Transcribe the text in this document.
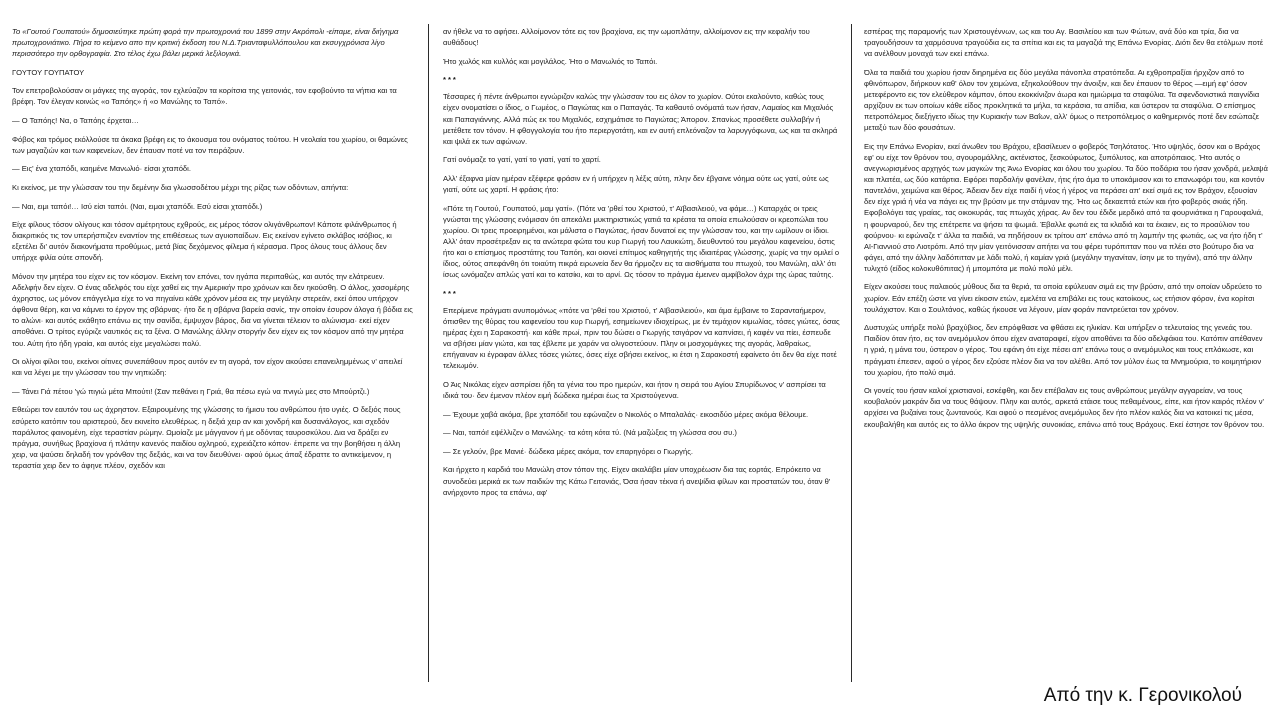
Το «Γουτού Γουπατού» δημοσιεύτηκε πρώτη φορά την πρωτοχρονιά του 1899 στην Ακρόπολι -είπαμε, είναι διήγημα πρωτοχρονιάτικο. Πήρα το κείμενο απο την κριτική έκδοση του Ν.Δ.Τριανταφυλλόπουλου και εκσυγχρόνισα λίγο περισσότερο την ορθογραφία. Στο τέλος έχω βάλει μερικά λεξιλογικά.

ΓΟΥΤΟΥ ΓΟΥΠΑΤΟΥ

Τον επετροβολούσαν οι μάγκες της αγοράς, τον εχλεύαζον τα κορίτσια της γειτονιάς, τον εφοβούντο τα νήπια και τα βρέφη. Τον έλεγαν κοινώς «ο Ταπόης» ή «ο Μανώλης το Ταπό».

— Ο Ταπόης! Να, ο Ταπόης έρχεται…

Φόβος και τρόμος εκόλλούσε τα άκακα βρέφη εις το άκουσμα του ονόματος τούτου. Η νεολαία του χωρίου, οι θαμώνες των μαγαζιών και των καφενείων, δεν έπαυαν ποτέ να τον πειράζουν.

— Εις' ένα χταπόδι, καημένε Μανωλιό· είσαι χταπόδι.

Κι εκείνος, με την γλώσσαν του την δεμένην δια γλωσσοδέτου μέχρι της ρίζας των οδόντων, απήντα:

— Ναι, ειμι ταπόι!… Ισύ είσι ταπόι. (Ναι, ειμαι χταπόδι. Εσύ είσαι χταπόδι.)

Είχε φίλους τόσον ολίγους και τόσον αμέτρητους εχθρούς, εις μέρος τόσον ολιγάνθρωπον! Κάποτε φιλάνθρωπος ή διακριτικός τις τον υπερήσπιζεν εναντίον της επιθέσεως των αγυιοπαίδων. Εις εκείνον εγίνετο σκλάβος ισόβιος, κι εξετέλει δι' αυτόν διακονήματα προθύμως, μετά βίας δεχόμενος φίλεμα ή κέρασμα. Προς όλους τους άλλους δεν υπήρχε φιλία ούτε σπονδή.

Μόνον την μητέρα του είχεν εις τον κόσμον. Εκείνη τον επόνει, τον ηγάπα περιπαθώς, και αυτός την ελάτρευεν. Αδελφήν δεν είχεν. Ο ένας αδελφός του είχε χαθεί εις την Αμερικήν προ χρόνων και δεν ηκούσθη. Ο άλλος, χασομέρης άχρηστος, ως μόνον επάγγελμα είχε το να πηγαίνει κάθε χρόνον μέσα εις την μεγάλην στερεάν, εκεί όπου υπήρχον άφθονα θέρη, και να κάμνει το έργον της σβάρνας· ήτο δε η σβάρνα βαρεία σανίς, την οποίαν έσυρον άλογα ή βόδια εις το αλώνι· και αυτός εκάθητο επάνω εις την σανίδα, έμψυχον βάρος, δια να γίνεται τέλειον το αλώνισμα· εκεί είχεν αποθάνει. Ο τρίτος εγύριζε ναυτικός εις τα ξένα. Ο Μανώλης άλλην στοργήν δεν είχεν εις τον κόσμον από την μητέρα του. Αύτη ήτο ήδη γραία, και αυτός είχε μεγαλώσει πολύ.

Οι ολίγοι φίλοι του, εκείνοι οίτινες συνεπάθουν προς αυτόν εν τη αγορά, τον είχον ακούσει επανειλημμένως ν' απειλεί και να λέγει με την γλώσσαν του την νηπιώδη:

— Τάνει Γιά πέτου 'γώ πιγιώ μέτα Μπούτι! (Σαν πεθάνει η Γριά, θα πέσω εγώ να πνιγώ μες στο Μπούρτζι.)

Εθεώρει τον εαυτόν του ως άχρηστον. Εξαιρουμένης της γλώσσης το ήμισυ του ανθρώπου ήτο υγιές. Ο δεξιός πους εσύρετο κατόπιν του αριστερού, δεν εκινείτο ελευθέρως. η δεξιά χειρ αν και χονδρή και δυσανάλογος, και σχεδόν παράλυτος φαινομένη, είχε τεραστίαν ρώμην. Ωμοίαζε με μάγγανον ή με οδόντας ταυροσκύλου. Δια να δράξει εν πράγμα, συνήθως βραχίονα ή πλάτην κανενός παιδίου οχληρού, εχρειάζετο κόπον· έπρεπε να την βοηθήσει η άλλη χειρ, να ψαύσει δηλαδή τον γρόνθον της δεξιάς, και να τον διευθύνει· αφού όμως άπαξ έδραττε το αντικείμενον, η τεραστία χειρ δεν το άφηνε πλέον, σχεδόν και

αν ήθελε να το αφήσει. Αλλοίμονον τότε εις τον βραχίονα, εις την ωμοπλάτην, αλλοίμονον εις την κεφαλήν του αυθάδους!

Ήτο χωλός και κυλλός και μογιλάλος. Ήτο ο Μανωλιός το Ταπόι.

***

Τέσσαρες ή πέντε άνθρωποι εγνώριζον καλώς την γλώσσαν του εις όλον το χωρίον. Ούτοι εκαλούντο, καθώς τους είχεν ονοματίσει ο ίδιος, ο Γωμέος, ο Παγιώτας και ο Παπαγάς. Τα καθαυτό ονόματά των ήσαν, Λαμαίος και Μιχαλιός και Παπαγιάννης. Αλλά πώς εκ του Μιχαλιός, εσχημάτισε το Παγιώτας; Άπορον. Σπανίως προσέθετε συλλαβήν ή μετέθετε τον τόνον. Η φθογγολογία του ήτο περιεργοτάτη, και εν αυτή επλεόναζον τα λαρυγγόφωνα, ως και τα σκληρά και ψιλά εκ των αφώνων.

Γατί ονόμαζε το γατί, γατί το γιατί, γατί το χαρτί.

Αλλ' έξαφνα μίαν ημέραν εξέφερε φράσιν εν ή υπήρχεν η λέξις αύτη, πλην δεν έβγαινε νόημα ούτε ως γατί, ούτε ως γιατί, ούτε ως χαρτί. Η φράσις ήτο:

«Πότε τη Γουτού, Γουπατού, μαμ γατί». (Πότε να 'ρθεί του Χριστού, τ' Αϊβασιλειού, να φάμε…) Καταρχάς οι τρεις γνώσται της γλώσσης ενόμισαν ότι απεκάλει μυκτηριστικώς γατιά τα κρέατα τα οποία επωλούσαν οι κρεοπώλαι του χωρίου. Οι τρεις προειρημένοι, και μάλιστα ο Παγιώτας, ήσαν δυνατοί εις την γλώσσαν του, και την ωμίλουν οι ίδιοι. Αλλ' όταν προσέτρεξαν εις τα ανώτερα φώτα του κυρ Γιωργή του Λαυκιώτη, διευθυντού του μεγάλου καφενείου, όστις ήτο και ο επίσημος προστάτης του Ταπόη, και οιονεί επίτιμος καθηγητής της ιδιαιτέρας γλώσσης, χωρίς να την ομιλεί ο ίδιος, ούτος απεφάνθη ότι τοιαύτη πικρά ειρωνεία δεν θα ήρμοζεν εις τα αισθήματα του πτωχού, του Μανώλη, αλλ' ότι ίσως ωνόμαζεν απλώς γατί και το κατσίκι, και το αρνί. Ως τόσον το πράγμα έμεινεν αμφίβολον άχρι της ώρας ταύτης.

***

Επερίμενε πράγματι ανυπομόνως «πότε να 'ρθεί του Χριστού, τ' Αϊβασιλειού», και άμα έμβαινε το Σαρανταήμερον, όπισθεν της θύρας του καφενείου του κυρ Γιωργή, εσημείωνεν ιδιοχείρως, με έν τεμάχιον κιμωλίας, τόσες γιώτες, όσας ημέρας έχει η Σαρακοστή· και κάθε πρωί, πριν του δώσει ο Γιωργής τσιγάρον να καπνίσει, ή καφέν να πίει, έσπευδε να σβήσει μίαν γιώτα, και τας έβλεπε με χαράν να ολιγοστεύουν. Πλην οι μοσχομάγκες της αγοράς, λαθραίως, επήγαιναν κι έγραφαν άλλες τόσες γιώτες, όσες είχε σβήσει εκείνος, κι έτσι η Σαρακοστή εφαίνετο ότι δεν θα είχε ποτέ τελειωμόν.

Ο Άις Νικόλας είχεν ασπρίσει ήδη τα γένια του προ ημερών, και ήτον η σειρά του Αγίου Σπυρίδωνος ν' ασπρίσει τα ιδικά του· δεν έμενον πλέον ειμή δώδεκα ημέραι έως τα Χριστούγεννα.

— Έχουμε χαβά ακόμα, βρε χταπόδι! του εφώναζεν ο Νικολός ο Μπαλαλάς· εικοσιδύο μέρες ακόμα θέλουμε.

— Ναι, ταπόι! εψέλλιζεν ο Μανώλης· τα κότη κότα τύ. (Νά μαζώξεις τη γλώσσα σου συ.)

— Σε γελούν, βρε Μανιέ· δώδεκα μέρες ακόμα, τον επαρηγόρει ο Γιωργής.

Και ήρχετο η καρδιά του Μανώλη στον τόπον της. Είχεν ακαλάβει μίαν υποχρέωσιν δια τας εορτάς. Επρόκειτο να συνοδεύει μερικά εκ των παιδιών της Κάτω Γειτονιάς, Όσα ήσαν τέκνα ή ανεψίδια φίλων και προστατών του, όταν θ' ανήρχοντο προς τα επάνω, αφ'

εσπέρας της παραμονής των Χριστουγέννων, ως και του Αγ. Βασιλείου και των Φώτων, ανά δύο και τρία, δια να τραγουδήσουν τα χαρμόσυνα τραγούδια εις τα σπίτια και εις τα μαγαζιά της Επάνω Ενορίας. Διότι δεν θα ετόλμων ποτέ να ανέλθουν μοναχά των εκεί επάνω.

Όλα τα παιδιά του χωρίου ήσαν διηρημένα εις δύο μεγάλα πάνοπλα στρατόπεδα. Αι εχθροπραξίαι ήρχιζον από το φθινόπωρον, διήρκουν καθ' όλον τον χειμώνα, εξηκολούθουν την άνοιξιν, και δεν έπαυον το θέρος —ειμή εφ' όσον μετεφέροντο εις τον ελεύθερον κάμπον, όπου εκοκκίνιζον άωρα και ημιώριμα τα σταφύλια. Τα σφενδονιστικά παιγνίδια αρχίζουν εκ των οποίων κάθε είδος προκλητικά τα μήλα, τα κεράσια, τα απίδια, και ύστερον τα σταφύλια. Ο επίσημος πετροπόλεμος διεξήγετο ιδίως την Κυριακήν των Βαΐων, αλλ' όμως ο πετροπόλεμος ο καθημερινός ποτέ δεν εσώπαζε μεταξύ των δύο φουσάτων.

Εις την Επάνω Ενορίαν, εκεί άνωθεν του Βράχου, εβασίλευεν ο φοβερός Τσηλότατος. Ήτο υψηλός, όσον και ο Βράχος εφ' ου είχε τον θρόνον του, σγουρομάλλης, ακτένιστος, ξεσκούφωτος, ξυπόλυτος, και αποτρόπαιος. Ήτο αυτός ο ανεγνωρισμένος αρχηγός των μαγκών της Άνω Ενορίας και όλου του χωρίου. Τα δύο ποδάρια του ήσαν χονδρά, μελαψά και πλατέα, ως δύο κατάρτια. Εφόρει παρδαλήν φανέλαν, ήτις ήτο άμα το υποκάμισον και το επανωφόρι του, και κοντόν παντελόνι, χειμώνα και θέρος. Άδειαν δεν είχε παιδί ή νέος ή γέρος να περάσει απ' εκεί σιμά εις τον Βράχον, εξουσίαν δεν είχε γριά ή νέα να πάγει εις την βρύσιν με την στάμναν της. Ήτο ως δεκαεπτά ετών και ήτο φοβερός σκιάς ήδη. Εφοβολόγει τας γραίας, τας οικοκυράς, τας πτωχάς χήρας. Αν δεν του έδιδε μερδικό από τα φουρνιάτικα η Γαρουφαλιά, η φουρναρού, δεν της επέτρεπε να ψήσει τα ψωμιά. Έβαλλε φωτιά εις τα κλαδιά και τα έκαιεν, εις το προαύλιον του φούρνου· κι εφώναζε τ' άλλα τα παιδιά, να πηδήσουν εκ τρίτου απ' επάνω από τη λαμπήν της φωτιάς, ως να ήτο ήδη τ' Αϊ-Γιαννιού στο Λιοτρόπι. Από την μίαν γειτόνισσαν απήτει να του φέρει τυρόπιτταν που να πλέει στο βούτυρο δια να φάγει, από την άλλην λαδόπιτταν με λάδι πολύ, ή καμίαν γριά (μεγάλην τηγανίταν, ίσην με το τηγάνι), από την άλλην τυλιχτό (είδος κολοκυθόπιτας) ή μπομπότα με πολύ πολύ μέλι.

Είχεν ακούσει τους παλαιούς μύθους δια τα θεριά, τα οποία εφύλευαν σιμά εις την βρύσιν, από την οποίαν υδρεύετο το χωρίον. Εάν επέζη ώστε να γίνει είκοσιν ετών, εμελέτα να επιβάλει εις τους κατοίκους, ως ετήσιον φόρον, ένα κορίτσι τουλάχιστον. Και ο Σουλτάνος, καθώς ήκουσε να λέγουν, μίαν φοράν παντρεύεται τον χρόνον.

Δυστυχώς υπήρξε πολύ βραχύβιος, δεν επρόφθασε να φθάσει εις ηλικίαν. Και υπήρξεν ο τελευταίος της γενεάς του. Παιδίον όταν ήτο, εις τον ανεμόμυλον όπου είχεν αναταραφεί, είχον αποθάνει τα δύο αδελφάκια του. Κατόπιν απέθανεν η γριά, η μάνα του, ύστερον ο γέρος. Του εφάνη ότι είχε πέσει απ' επάνω τους ο ανεμόμυλος και τους επλάκωσε, και πράγματι έπεσεν, αφού ο γέρος δεν εζούσε πλέον δια να τον αλέθει. Από τον μύλον έως τα Μνημούρια, το κοιμητήριον του χωρίου, ήτο πολύ σιμά.

Οι γονείς του ήσαν καλοί χριστιανοί, εσκέφθη, και δεν επέβαλαν εις τους ανθρώπους μεγάλην αγγαρείαν, να τους κουβαλούν μακράν δια να τους θάψουν. Πλην και αυτός, αρκετά ετάισε τους πεθαμένους, είπε, και ήτον καιρός πλέον ν' αρχίσει να βυζαίνει τους ζωντανούς. Και αφού ο πεσμένος ανεμόμυλος δεν ήτο πλέον καλός δια να κατοικεί τις μέσα, εκουβαλήθη και αυτός εις το άλλο άκρον της υψηλής συνοικίας, επάνω από τους Βράχους. Εκεί έστησε τον θρόνον του.

Από την κ. Γερονικολού
